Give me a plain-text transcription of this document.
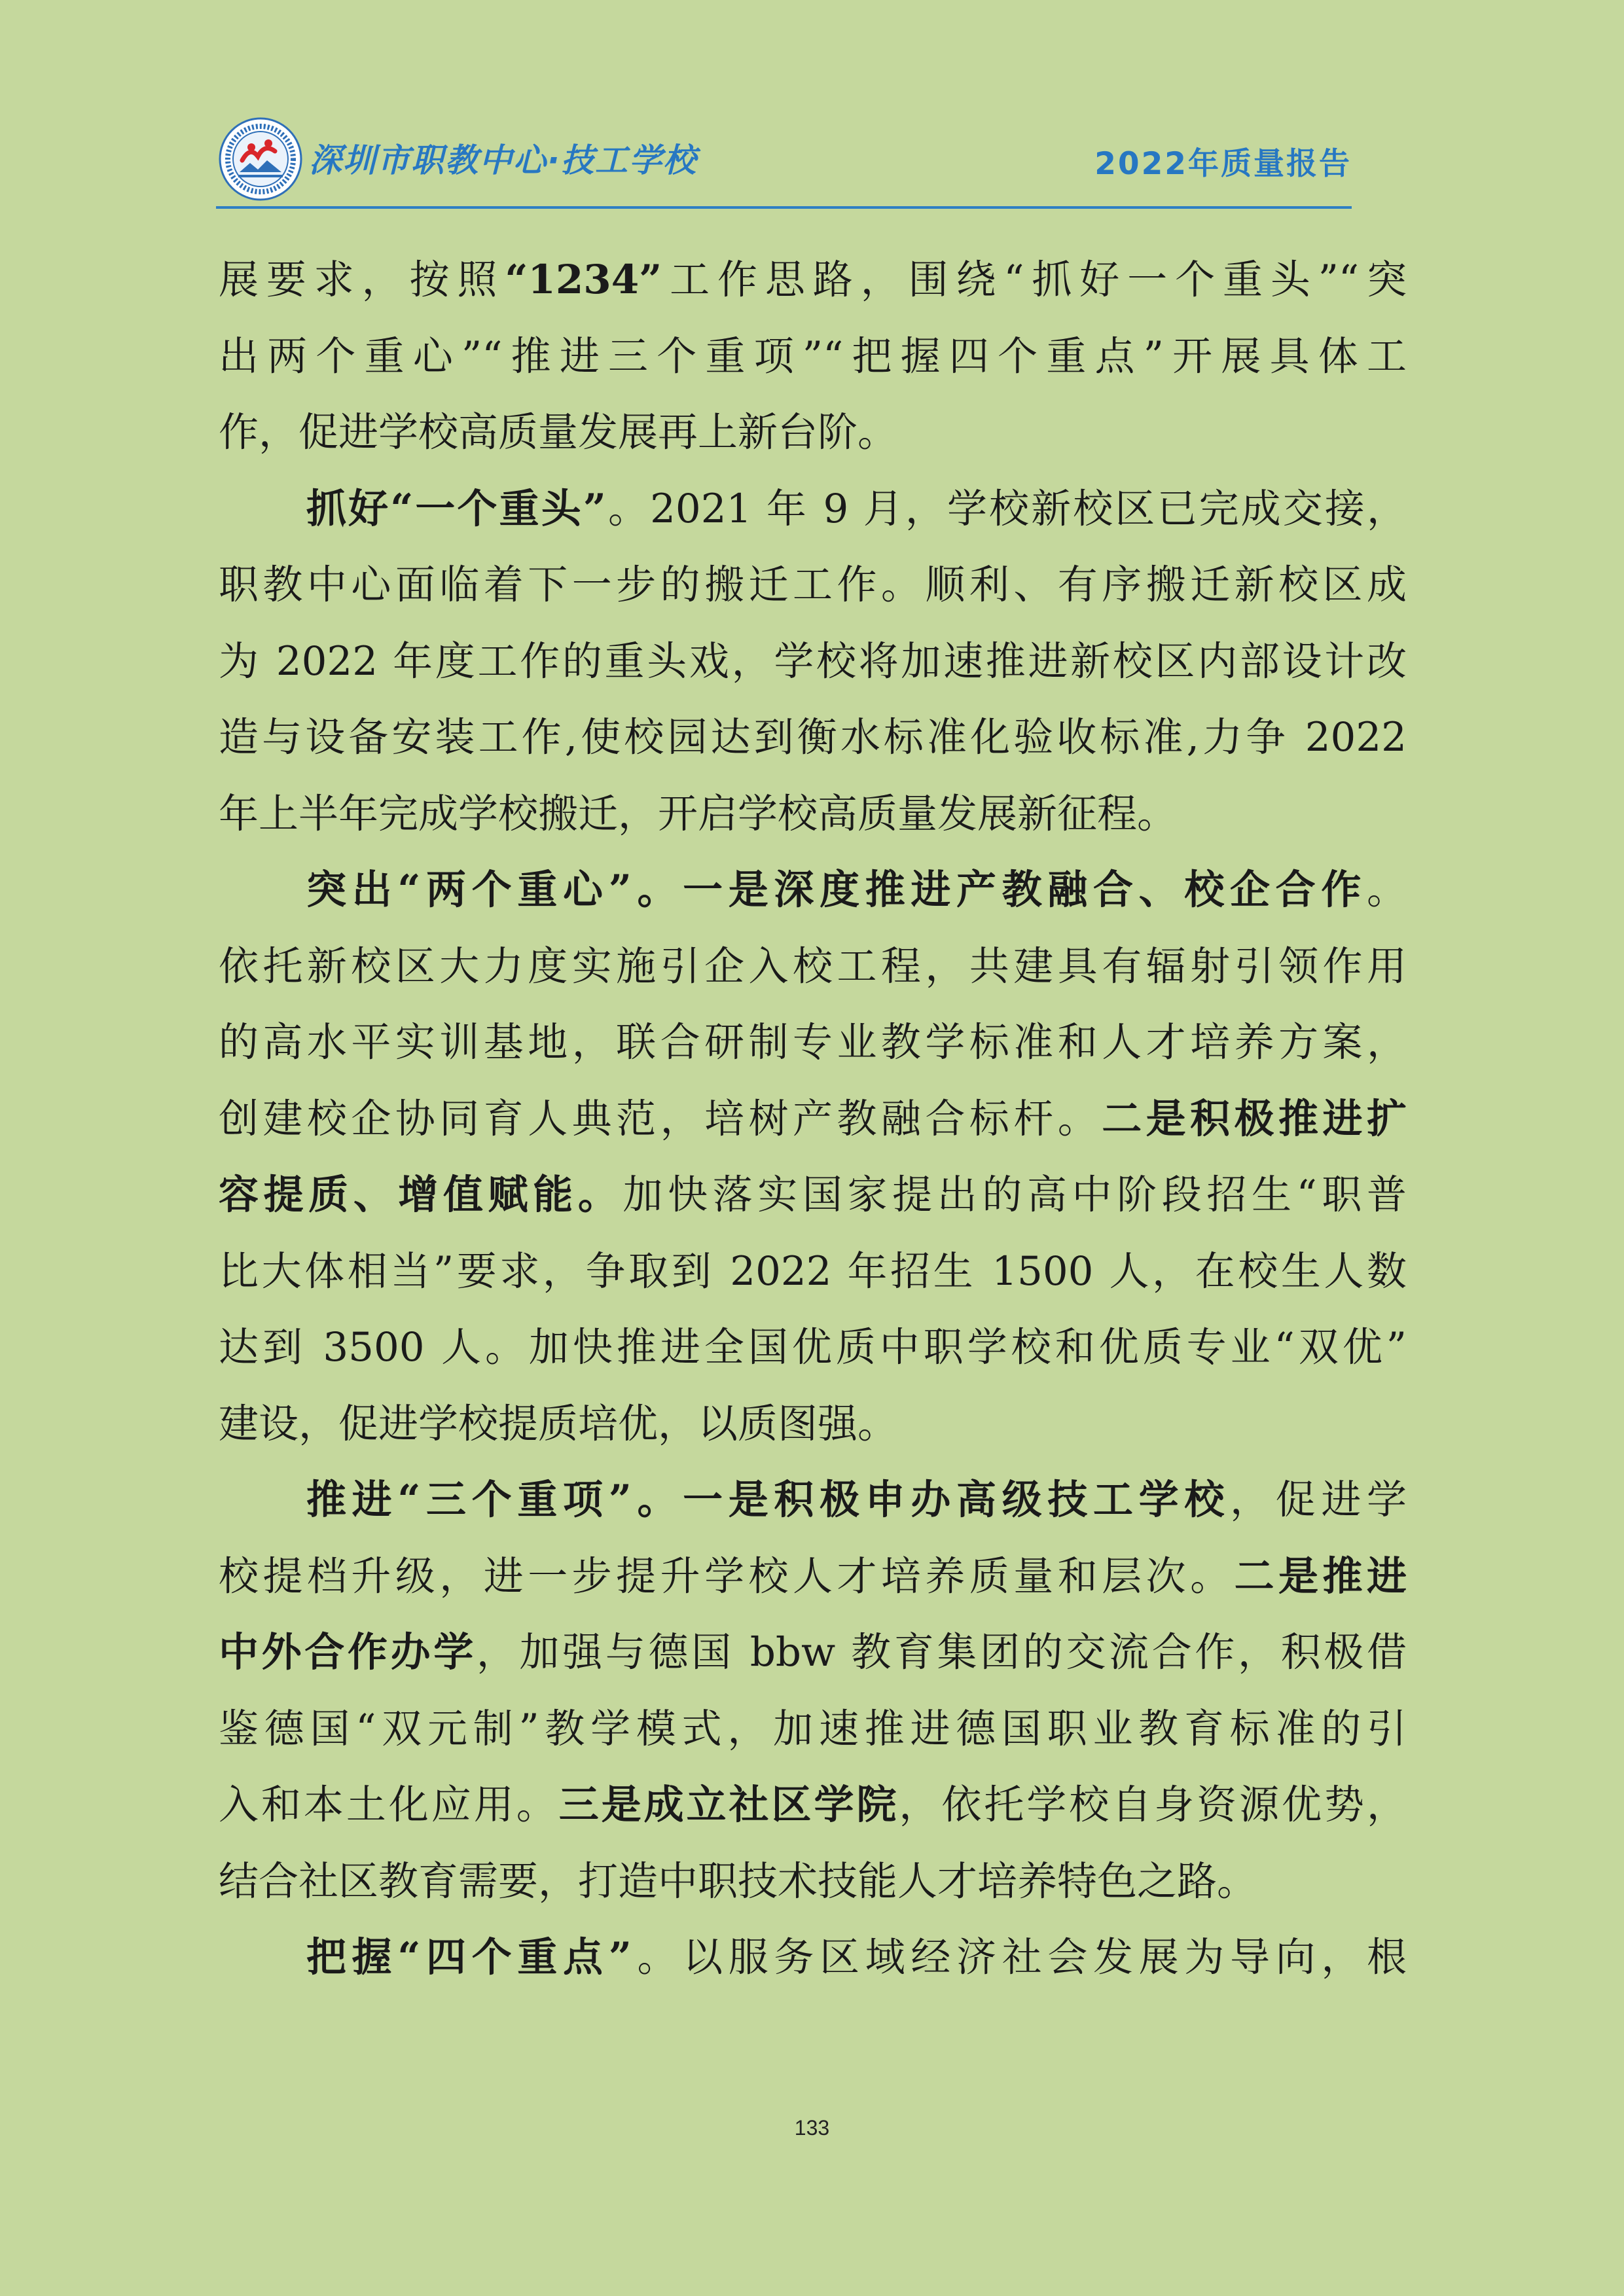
深圳市职教中心·技工学校	2022年质量报告
展要求，按照“1234”工作思路，围绕“抓好一个重头”“突
出两个重心”“推进三个重项”“把握四个重点”开展具体工
作，促进学校高质量发展再上新台阶。
抓好“一个重头”。2021 年 9 月，学校新校区已完成交接，
职教中心面临着下一步的搬迁工作。顺利、有序搬迁新校区成
为 2022 年度工作的重头戏，学校将加速推进新校区内部设计改
造与设备安装工作,使校园达到衡水标准化验收标准,力争 2022
年上半年完成学校搬迁，开启学校高质量发展新征程。
突出“两个重心”。一是深度推进产教融合、校企合作。
依托新校区大力度实施引企入校工程，共建具有辐射引领作用
的高水平实训基地，联合研制专业教学标准和人才培养方案，
创建校企协同育人典范，培树产教融合标杆。二是积极推进扩
容提质、增值赋能。加快落实国家提出的高中阶段招生“职普
比大体相当”要求，争取到 2022 年招生 1500 人，在校生人数
达到 3500 人。加快推进全国优质中职学校和优质专业“双优”
建设，促进学校提质培优，以质图强。
推进“三个重项”。一是积极申办高级技工学校，促进学
校提档升级，进一步提升学校人才培养质量和层次。二是推进
中外合作办学，加强与德国 bbw 教育集团的交流合作，积极借
鉴德国“双元制”教学模式，加速推进德国职业教育标准的引
入和本土化应用。三是成立社区学院，依托学校自身资源优势，
结合社区教育需要，打造中职技术技能人才培养特色之路。
把握“四个重点”。以服务区域经济社会发展为导向，根
133
